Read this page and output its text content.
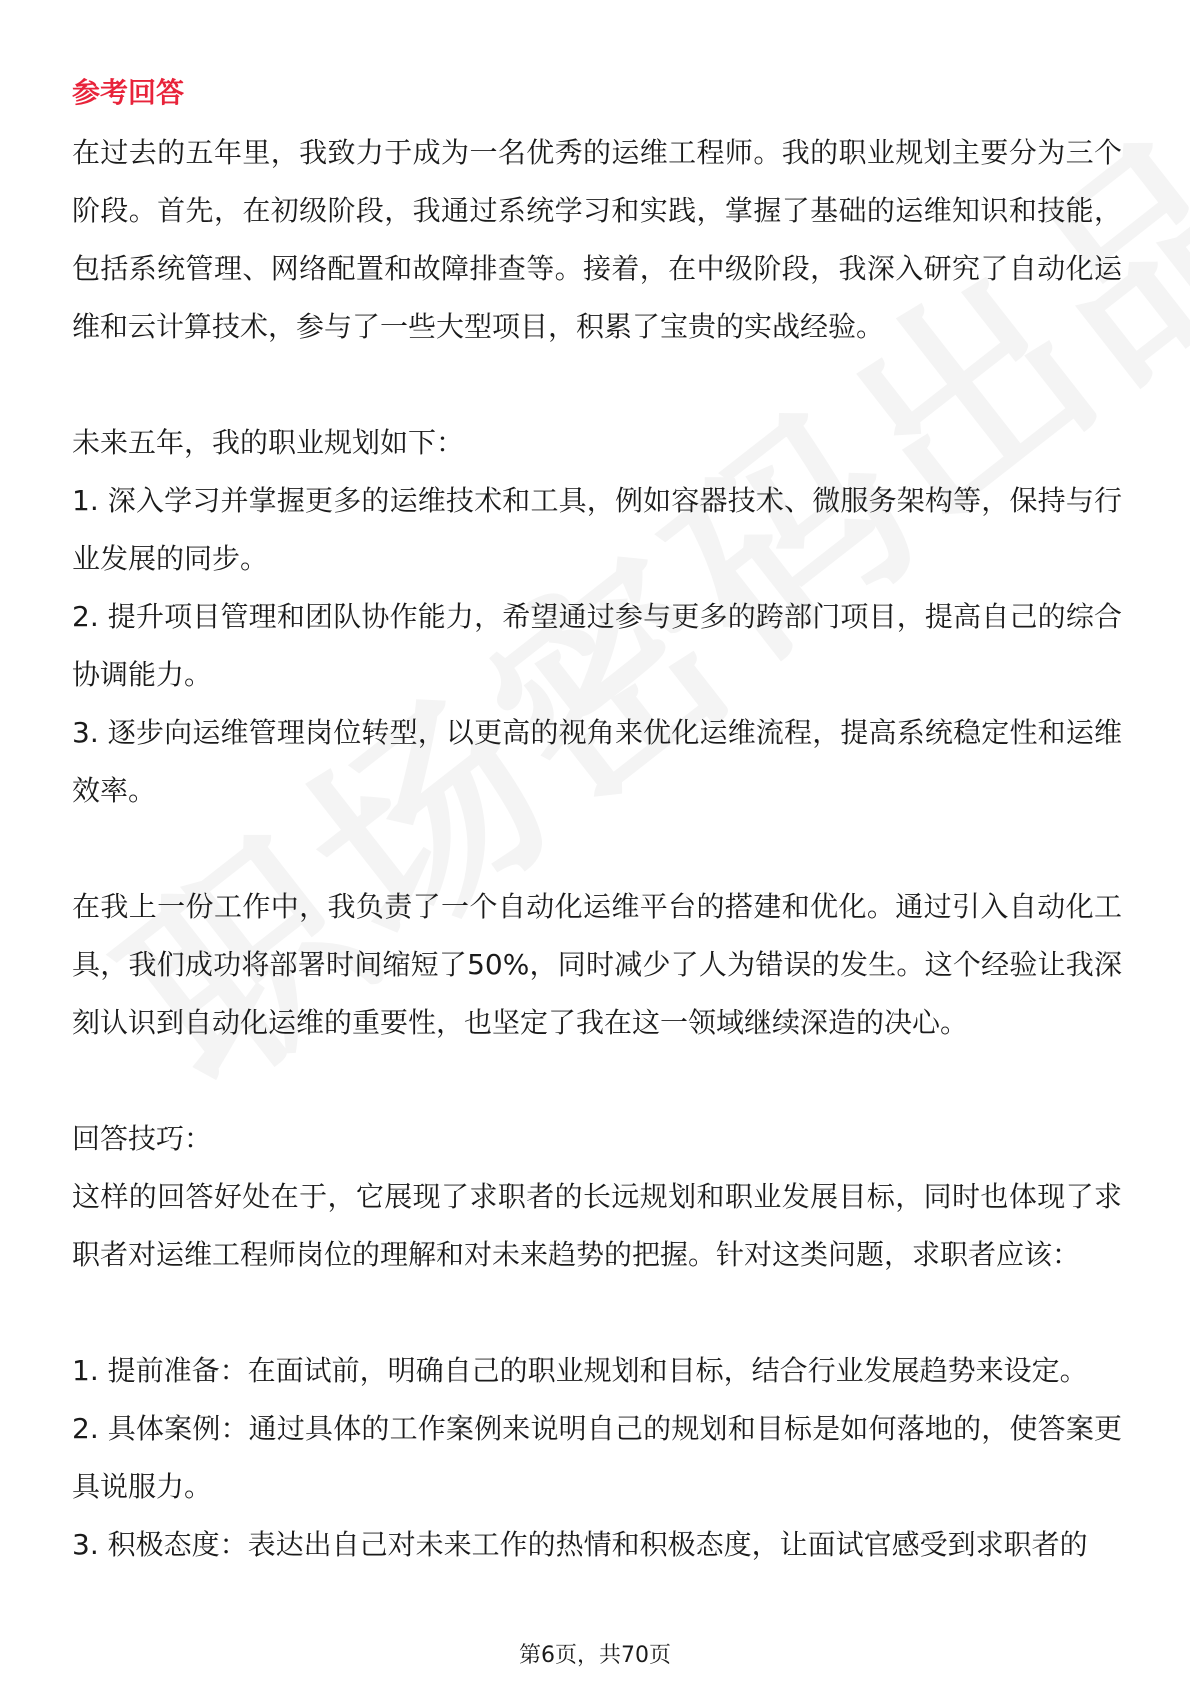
参考回答

在过去的五年里，我致力于成为一名优秀的运维工程师。我的职业规划主要分为三个阶段。首先，在初级阶段，我通过系统学习和实践，掌握了基础的运维知识和技能，包括系统管理、网络配置和故障排查等。接着，在中级阶段，我深入研究了自动化运维和云计算技术，参与了一些大型项目，积累了宝贵的实战经验。

未来五年，我的职业规划如下：

1. 深入学习并掌握更多的运维技术和工具，例如容器技术、微服务架构等，保持与行业发展的同步。

2. 提升项目管理和团队协作能力，希望通过参与更多的跨部门项目，提高自己的综合协调能力。

3. 逐步向运维管理岗位转型，以更高的视角来优化运维流程，提高系统稳定性和运维效率。

在我上一份工作中，我负责了一个自动化运维平台的搭建和优化。通过引入自动化工具，我们成功将部署时间缩短了50%，同时减少了人为错误的发生。这个经验让我深刻认识到自动化运维的重要性，也坚定了我在这一领域继续深造的决心。

回答技巧：

这样的回答好处在于，它展现了求职者的长远规划和职业发展目标，同时也体现了求职者对运维工程师岗位的理解和对未来趋势的把握。针对这类问题，求职者应该：

1. 提前准备：在面试前，明确自己的职业规划和目标，结合行业发展趋势来设定。

2. 具体案例：通过具体的工作案例来说明自己的规划和目标是如何落地的，使答案更具说服力。

3. 积极态度：表达出自己对未来工作的热情和积极态度，让面试官感受到求职者的

第6页，共70页
